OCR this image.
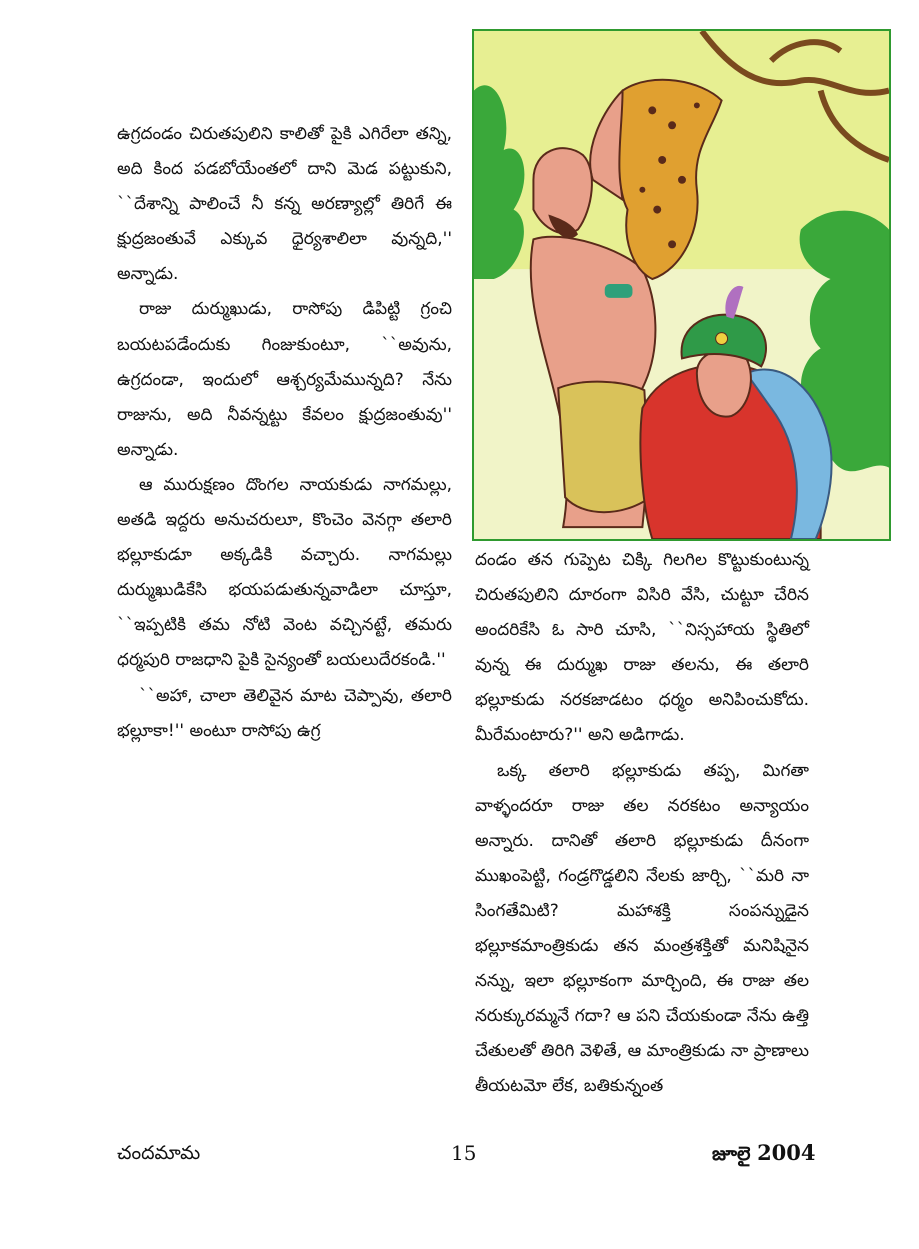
ఉగ్రదండం చిరుతపులిని కాలితో పైకి ఎగిరేలా తన్ని, అది కింద పడబోయేంతలో దాని మెడ పట్టుకుని, ``దేశాన్ని పాలించే నీ కన్న అరణ్యాల్లో తిరిగే ఈ క్షుద్రజంతువే ఎక్కువ ధైర్యశాలిలా వున్నది,'' అన్నాడు.

రాజు దుర్ముఖుడు, రాసోపు డిపిట్టి గ్రంచి బయటపడేందుకు గింజుకుంటూ, ``అవును, ఉగ్రదండా, ఇందులో ఆశ్చర్యమేమున్నది? నేను రాజును, అది నీవన్నట్టు కేవలం క్షుద్రజంతువు'' అన్నాడు.

ఆ మురుక్షణం దొంగల నాయకుడు నాగమల్లు, అతడి ఇద్దరు అనుచరులూ, కొంచెం వెనగ్గా తలారి భల్లూకుడూ అక్కడికి వచ్చారు. నాగమల్లు దుర్ముఖుడికేసి భయపడుతున్నవాడిలా చూస్తూ, ``ఇప్పటికి తమ నోటి వెంట వచ్చినట్టే, తమరు ధర్మపురి రాజధాని పైకి సైన్యంతో బయలుదేరకండి.''

``అహా, చాలా తెలివైన మాట చెప్పావు, తలారి భల్లూకా!'' అంటూ రాసోపు ఉగ్ర

దండం తన గుప్పెట చిక్కి గిలగిల కొట్టుకుంటున్న చిరుతపులిని దూరంగా విసిరి వేసి, చుట్టూ చేరిన అందరికేసి ఓ సారి చూసి, ``నిస్సహాయ స్థితిలో వున్న ఈ దుర్ముఖ రాజు తలను, ఈ తలారి భల్లూకుడు నరకజాడటం ధర్మం అనిపించుకోదు. మీరేమంటారు?'' అని అడిగాడు.

ఒక్క తలారి భల్లూకుడు తప్ప, మిగతా వాళ్ళందరూ రాజు తల నరకటం అన్యాయం అన్నారు. దానితో తలారి భల్లూకుడు దీనంగా ముఖంపెట్టి, గండ్రగొడ్డలిని నేలకు జార్చి, ``మరి నా సింగతేమిటి? మహాశక్తి సంపన్నుడైన భల్లూకమాంత్రికుడు తన మంత్రశక్తితో మనిషినైన నన్ను, ఇలా భల్లూకంగా మార్చింది, ఈ రాజు తల నరుక్కురమ్మనే గదా? ఆ పని చేయకుండా నేను ఉత్తి చేతులతో తిరిగి వెళితే, ఆ మాంత్రికుడు నా ప్రాణాలు తీయటమో లేక, బతికున్నంత

చందమామ	15	జూలై 2004
